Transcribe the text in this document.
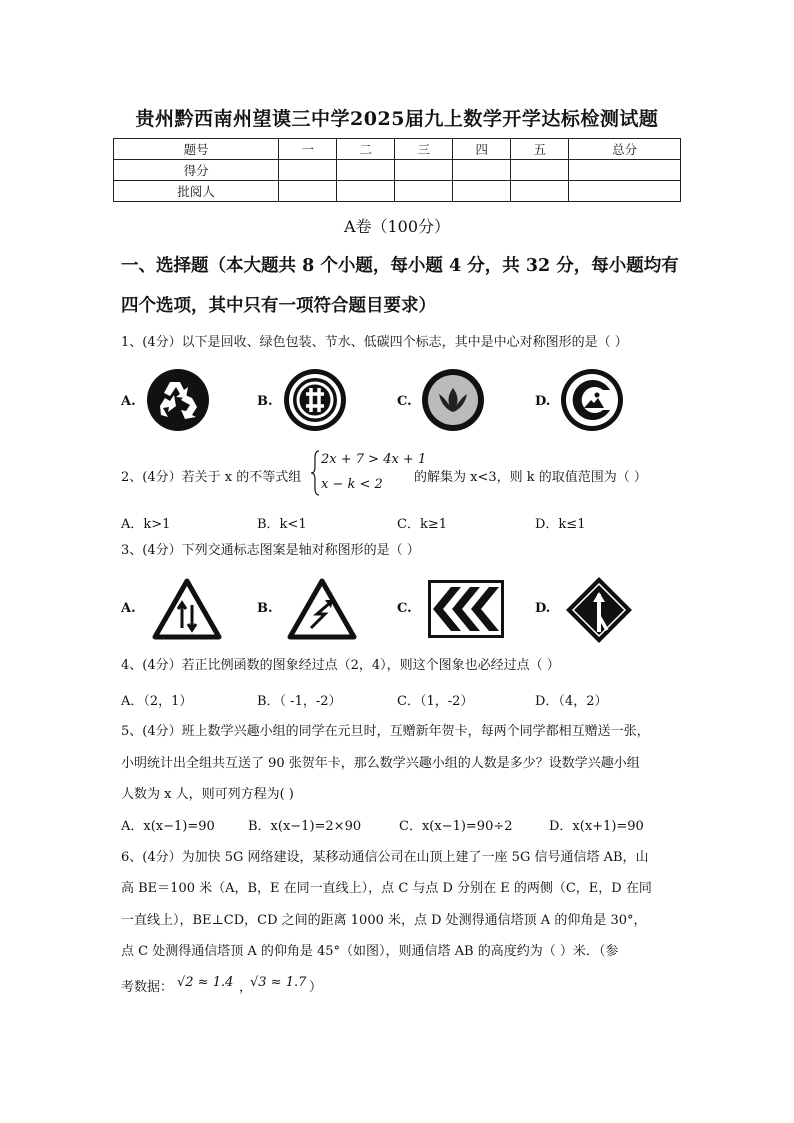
贵州黔西南州望谟三中学2025届九上数学开学达标检测试题
题号	一	二	三	四	五	总分
得分						
批阅人						
A卷（100分）
一、选择题（本大题共 8 个小题，每小题 4 分，共 32 分，每小题均有四个选项，其中只有一项符合题目要求）
1、(4分）以下是回收、绿色包装、节水、低碳四个标志，其中是中心对称图形的是（ ）
A.	B.	C.	D.
2、(4分）若关于 x 的不等式组
2x + 7 > 4x + 1
x − k < 2 的解集为 x<3，则 k 的取值范围为（ ）
A．k>1	B．k<1	C．k≥1	D．k≤1
3、(4分）下列交通标志图案是轴对称图形的是（ ）
A.	B.	C.	D.
4、(4分）若正比例函数的图象经过点（2，4），则这个图象也必经过点（ ）
A．（2，1）	B．（ -1，-2）	C．（1，-2）	D．（4，2）
5、(4分）班上数学兴趣小组的同学在元旦时，互赠新年贺卡，每两个同学都相互赠送一张，
小明统计出全组共互送了 90 张贺年卡，那么数学兴趣小组的人数是多少？设数学兴趣小组
人数为 x 人，则可列方程为( )
A．x(x−1)=90	B．x(x−1)=2×90	C．x(x−1)=90÷2	D．x(x+1)=90
6、(4分）为加快 5G 网络建设，某移动通信公司在山顶上建了一座 5G 信号通信塔 AB，山
高 BE＝100 米（A，B，E 在同一直线上），点 C 与点 D 分别在 E 的两侧（C，E，D 在同
一直线上），BE⊥CD，CD 之间的距离 1000 米，点 D 处测得通信塔顶 A 的仰角是 30°，
点 C 处测得通信塔顶 A 的仰角是 45°（如图），则通信塔 AB 的高度约为（ ）米．（参
考数据： √2 ≈ 1.4 ，
√3 ≈ 1.7 ）
